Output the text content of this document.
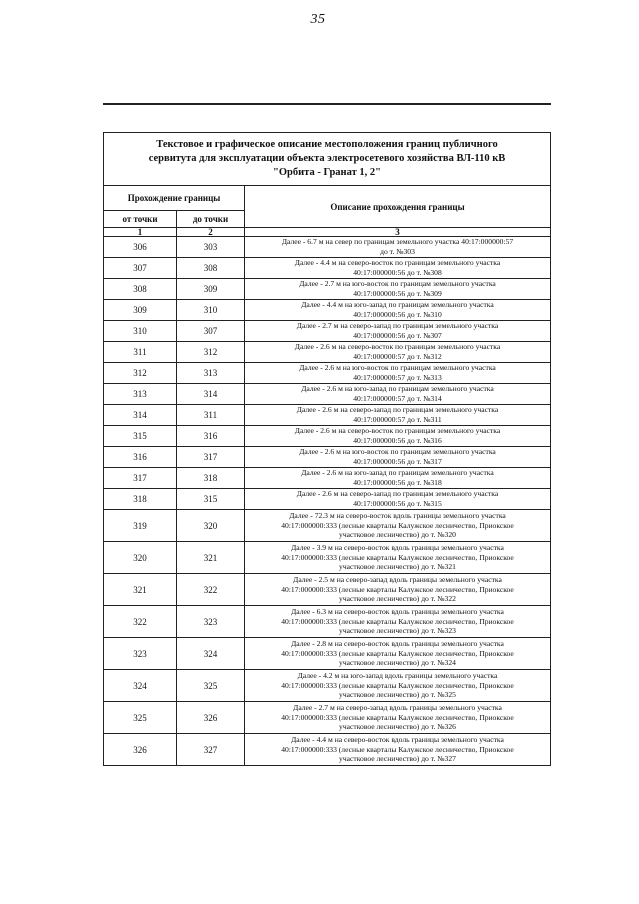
35
Текстовое и графическое описание местоположения границ публичного
сервитута для эксплуатации объекта электросетевого хозяйства ВЛ-110 кВ
"Орбита - Гранат 1, 2"		

Прохождение границы		Описание прохождения границы
от точки	до точки	
1	2	3
306	303	Далее - 6.7 м на север по границам земельного участка 40:17:000000:57
до т. №303

307	308	Далее - 4.4 м на северо-восток по границам земельного участка
40:17:000000:56 до т. №308

308	309	Далее - 2.7 м на юго-восток по границам земельного участка
40:17:000000:56 до т. №309

309	310	Далее - 4.4 м на юго-запад по границам земельного участка
40:17:000000:56 до т. №310

310	307	Далее - 2.7 м на северо-запад по границам земельного участка
40:17:000000:56 до т. №307

311	312	Далее - 2.6 м на северо-восток по границам земельного участка
40:17:000000:57 до т. №312

312	313	Далее - 2.6 м на юго-восток по границам земельного участка
40:17:000000:57 до т. №313

313	314	Далее - 2.6 м на юго-запад по границам земельного участка
40:17:000000:57 до т. №314

314	311	Далее - 2.6 м на северо-запад по границам земельного участка
40:17:000000:57 до т. №311

315	316	Далее - 2.6 м на северо-восток по границам земельного участка
40:17:000000:56 до т. №316

316	317	Далее - 2.6 м на юго-восток по границам земельного участка
40:17:000000:56 до т. №317

317	318	Далее - 2.6 м на юго-запад по границам земельного участка
40:17:000000:56 до т. №318

318	315	Далее - 2.6 м на северо-запад по границам земельного участка
40:17:000000:56 до т. №315

319	320	Далее - 72.3 м на северо-восток вдоль границы земельного участка
40:17:000000:333 (лесные кварталы Калужское лесничество, Приокское
участковое лесничество) до т. №320

320	321	Далее - 3.9 м на северо-восток вдоль границы земельного участка
40:17:000000:333 (лесные кварталы Калужское лесничество, Приокское
участковое лесничество) до т. №321

321	322	Далее - 2.5 м на северо-запад вдоль границы земельного участка
40:17:000000:333 (лесные кварталы Калужское лесничество, Приокское
участковое лесничество) до т. №322

322	323	Далее - 6.3 м на северо-восток вдоль границы земельного участка
40:17:000000:333 (лесные кварталы Калужское лесничество, Приокское
участковое лесничество) до т. №323

323	324	Далее - 2.8 м на северо-восток вдоль границы земельного участка
40:17:000000:333 (лесные кварталы Калужское лесничество, Приокское
участковое лесничество) до т. №324

324	325	Далее - 4.2 м на юго-запад вдоль границы земельного участка
40:17:000000:333 (лесные кварталы Калужское лесничество, Приокское
участковое лесничество) до т. №325

325	326	Далее - 2.7 м на северо-запад вдоль границы земельного участка
40:17:000000:333 (лесные кварталы Калужское лесничество, Приокское
участковое лесничество) до т. №326

326	327	Далее - 4.4 м на северо-восток вдоль границы земельного участка
40:17:000000:333 (лесные кварталы Калужское лесничество, Приокское
участковое лесничество) до т. №327
